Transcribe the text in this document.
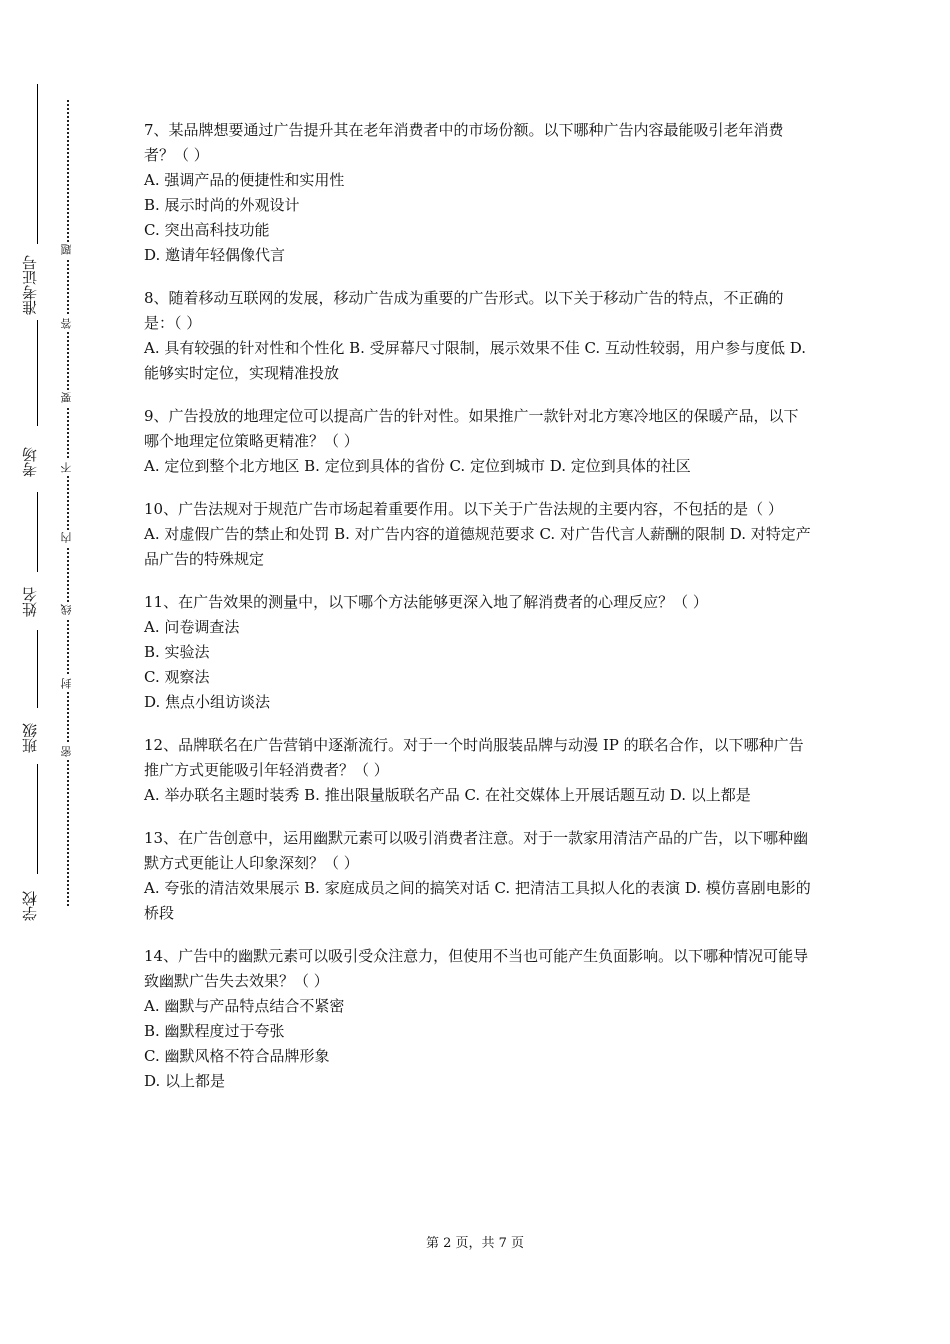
准考证号
考场
姓名
班级
学校
题
答
要
不
内
线
封
密

7、某品牌想要通过广告提升其在老年消费者中的市场份额。以下哪种广告内容最能吸引老年消费者？（ ）

A. 强调产品的便捷性和实用性

B. 展示时尚的外观设计

C. 突出高科技功能

D. 邀请年轻偶像代言

8、随着移动互联网的发展，移动广告成为重要的广告形式。以下关于移动广告的特点，不正确的是：（ ）

A. 具有较强的针对性和个性化 B. 受屏幕尺寸限制，展示效果不佳 C. 互动性较弱，用户参与度低 D. 能够实时定位，实现精准投放

9、广告投放的地理定位可以提高广告的针对性。如果推广一款针对北方寒冷地区的保暖产品，以下哪个地理定位策略更精准？（ ）

A. 定位到整个北方地区 B. 定位到具体的省份 C. 定位到城市 D. 定位到具体的社区

10、广告法规对于规范广告市场起着重要作用。以下关于广告法规的主要内容，不包括的是（ ）

A. 对虚假广告的禁止和处罚 B. 对广告内容的道德规范要求 C. 对广告代言人薪酬的限制 D. 对特定产品广告的特殊规定

11、在广告效果的测量中，以下哪个方法能够更深入地了解消费者的心理反应？（ ）

A. 问卷调查法

B. 实验法

C. 观察法

D. 焦点小组访谈法

12、品牌联名在广告营销中逐渐流行。对于一个时尚服装品牌与动漫 IP 的联名合作，以下哪种广告推广方式更能吸引年轻消费者？（ ）

A. 举办联名主题时装秀 B. 推出限量版联名产品 C. 在社交媒体上开展话题互动 D. 以上都是

13、在广告创意中，运用幽默元素可以吸引消费者注意。对于一款家用清洁产品的广告，以下哪种幽默方式更能让人印象深刻？（ ）

A. 夸张的清洁效果展示 B. 家庭成员之间的搞笑对话 C. 把清洁工具拟人化的表演 D. 模仿喜剧电影的桥段

14、广告中的幽默元素可以吸引受众注意力，但使用不当也可能产生负面影响。以下哪种情况可能导致幽默广告失去效果？（ ）

A. 幽默与产品特点结合不紧密

B. 幽默程度过于夸张

C. 幽默风格不符合品牌形象

D. 以上都是

第 2 页，共 7 页
